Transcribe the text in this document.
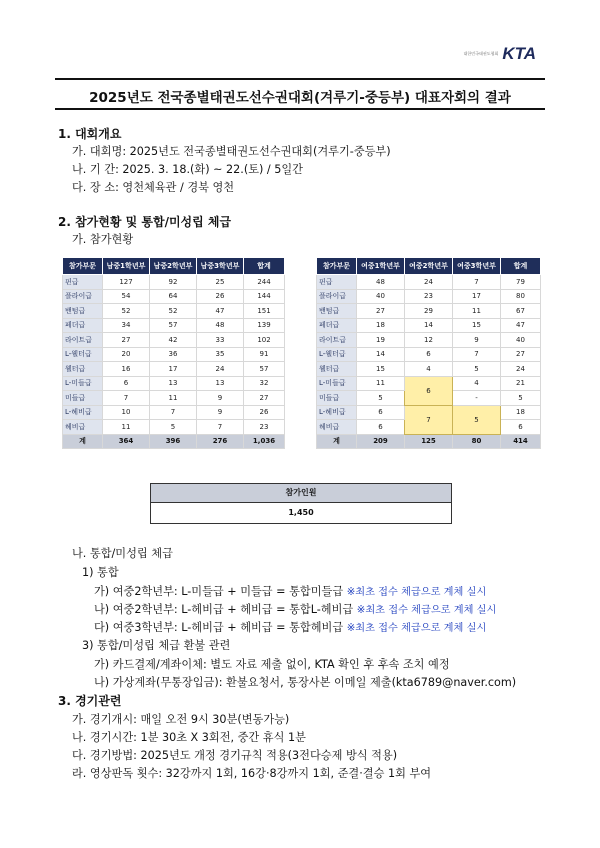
대한민국태권도협회 KTA
2025년도 전국종별태권도선수권대회(겨루기-중등부) 대표자회의 결과
1. 대회개요
가. 대회명: 2025년도 전국종별태권도선수권대회(겨루기-중등부)
나. 기 간: 2025. 3. 18.(화) ~ 22.(토) / 5일간
다. 장 소: 영천체육관 / 경북 영천
2. 참가현황 및 통합/미성립 체급
가. 참가현황
참가부문	남중1학년부	남중2학년부	남중3학년부	합계
핀급	127	92	25	244
플라이급	54	64	26	144
밴텀급	52	52	47	151
페더급	34	57	48	139
라이트급	27	42	33	102
L-웰터급	20	36	35	91
웰터급	16	17	24	57
L-미들급	6	13	13	32
미들급	7	11	9	27
L-헤비급	10	7	9	26
헤비급	11	5	7	23
계	364	396	276	1,036
참가부문	여중1학년부	여중2학년부	여중3학년부	합계
핀급	48	24	7	79
플라이급	40	23	17	80
밴텀급	27	29	11	67
페더급	18	14	15	47
라이트급	19	12	9	40
L-웰터급	14	6	7	27
웰터급	15	4	5	24
L-미들급	11	6	4	21
미들급	5		-	5
L-헤비급	6	7	5	18
헤비급	6			6
계	209	125	80	414
참가인원
1,450
나. 통합/미성립 체급
1) 통합
가) 여중2학년부: L-미들급 + 미들급 = 통합미들급 ※최초 접수 체급으로 계체 실시
나) 여중2학년부: L-헤비급 + 헤비급 = 통합L-헤비급 ※최초 접수 체급으로 계체 실시
다) 여중3학년부: L-헤비급 + 헤비급 = 통합헤비급 ※최초 접수 체급으로 계체 실시
3) 통합/미성립 체급 환불 관련
가) 카드결제/계좌이체: 별도 자료 제출 없이, KTA 확인 후 후속 조치 예정
나) 가상계좌(무통장입금): 환불요청서, 통장사본 이메일 제출(kta6789@naver.com)
3. 경기관련
가. 경기개시: 매일 오전 9시 30분(변동가능)
나. 경기시간: 1분 30초 X 3회전, 중간 휴식 1분
다. 경기방법: 2025년도 개정 경기규칙 적용(3전다승제 방식 적용)
라. 영상판독 횟수: 32강까지 1회, 16강·8강까지 1회, 준결·결승 1회 부여
